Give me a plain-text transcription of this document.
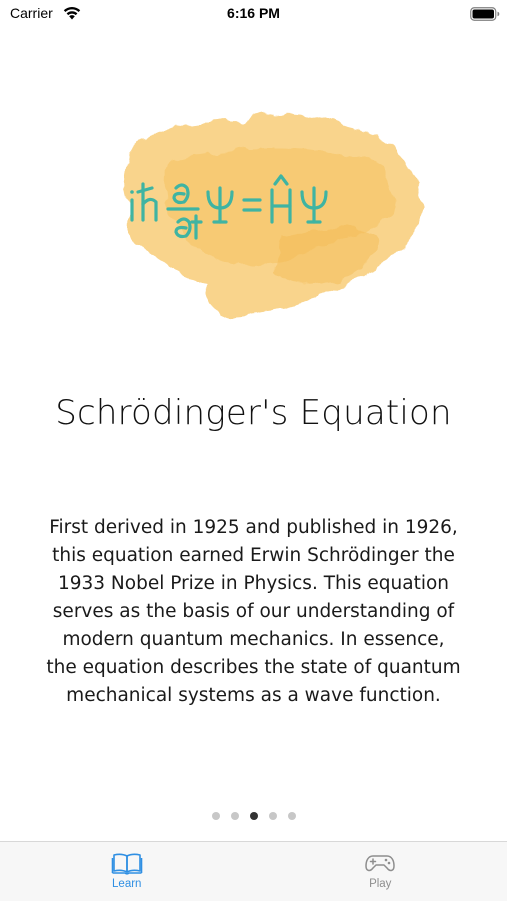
Carrier	6:16 PM
Schrödinger's Equation
First derived in 1925 and published in 1926, this equation earned Erwin Schrödinger the 1933 Nobel Prize in Physics. This equation serves as the basis of our understanding of modern quantum mechanics. In essence, the equation describes the state of quantum mechanical systems as a wave function.
Learn	Play
